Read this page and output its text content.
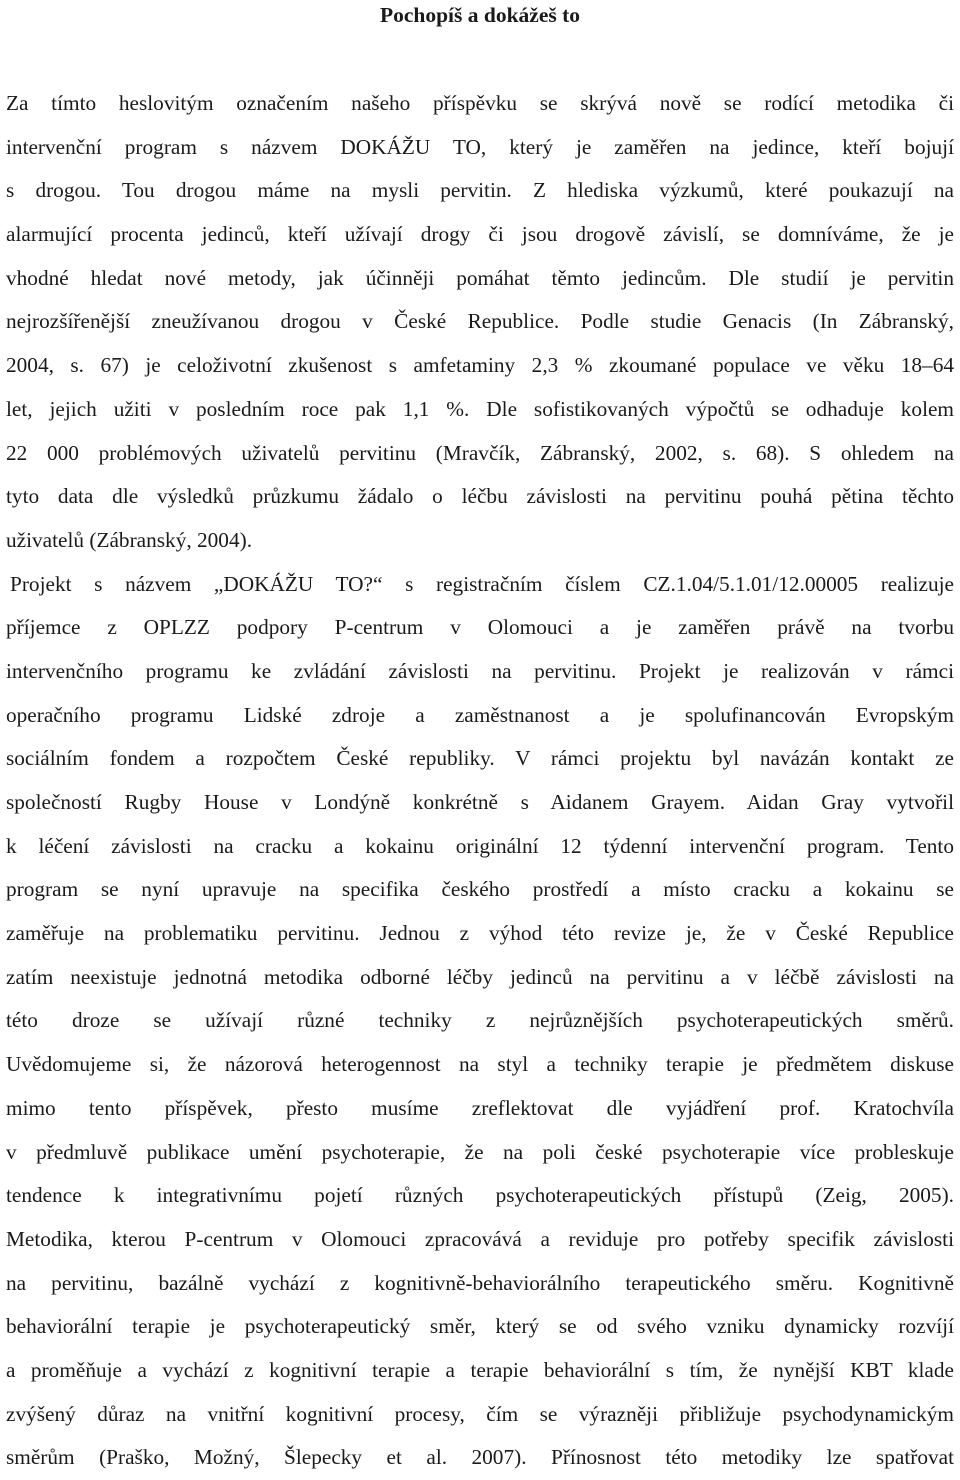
Pochopíš a dokážeš to
Za tímto heslovitým označením našeho příspěvku se skrývá nově se rodící metodika či
intervenční program s názvem DOKÁŽU TO, který je zaměřen na jedince, kteří bojují
s drogou. Tou drogou máme na mysli pervitin. Z hlediska výzkumů, které poukazují na
alarmující procenta jedinců, kteří užívají drogy či jsou drogově závislí, se domníváme, že je
vhodné hledat nové metody, jak účinněji pomáhat těmto jedincům. Dle studií je pervitin
nejrozšířenější zneužívanou drogou v České Republice. Podle studie Genacis (In Zábranský,
2004, s. 67) je celoživotní zkušenost s amfetaminy 2,3 % zkoumané populace ve věku 18–64
let, jejich užiti v posledním roce pak 1,1 %. Dle sofistikovaných výpočtů se odhaduje kolem
22 000 problémových uživatelů pervitinu (Mravčík, Zábranský, 2002, s. 68). S ohledem na
tyto data dle výsledků průzkumu žádalo o léčbu závislosti na pervitinu pouhá pětina těchto
uživatelů (Zábranský, 2004).
Projekt s názvem „DOKÁŽU TO?“ s registračním číslem CZ.1.04/5.1.01/12.00005 realizuje
příjemce z OPLZZ podpory P-centrum v Olomouci a je zaměřen právě na tvorbu
intervenčního programu ke zvládání závislosti na pervitinu. Projekt je realizován v rámci
operačního programu Lidské zdroje a zaměstnanost a je spolufinancován Evropským
sociálním fondem a rozpočtem České republiky. V rámci projektu byl navázán kontakt ze
společností Rugby House v Londýně konkrétně s Aidanem Grayem. Aidan Gray vytvořil
k léčení závislosti na cracku a kokainu originální 12 týdenní intervenční program. Tento
program se nyní upravuje na specifika českého prostředí a místo cracku a kokainu se
zaměřuje na problematiku pervitinu. Jednou z výhod této revize je, že v České Republice
zatím neexistuje jednotná metodika odborné léčby jedinců na pervitinu a v léčbě závislosti na
této droze se užívají různé techniky z nejrůznějších psychoterapeutických směrů.
Uvědomujeme si, že názorová heterogennost na styl a techniky terapie je předmětem diskuse
mimo tento příspěvek, přesto musíme zreflektovat dle vyjádření prof. Kratochvíla
v předmluvě publikace umění psychoterapie, že na poli české psychoterapie více probleskuje
tendence k integrativnímu pojetí různých psychoterapeutických přístupů (Zeig, 2005).
Metodika, kterou P-centrum v Olomouci zpracovává a reviduje pro potřeby specifik závislosti
na pervitinu, bazálně vychází z kognitivně-behaviorálního terapeutického směru. Kognitivně
behaviorální terapie je psychoterapeutický směr, který se od svého vzniku dynamicky rozvíjí
a proměňuje a vychází z kognitivní terapie a terapie behaviorální s tím, že nynější KBT klade
zvýšený důraz na vnitřní kognitivní procesy, čím se výrazněji přibližuje psychodynamickým
směrům (Praško, Možný, Šlepecky et al. 2007). Přínosnost této metodiky lze spatřovat
